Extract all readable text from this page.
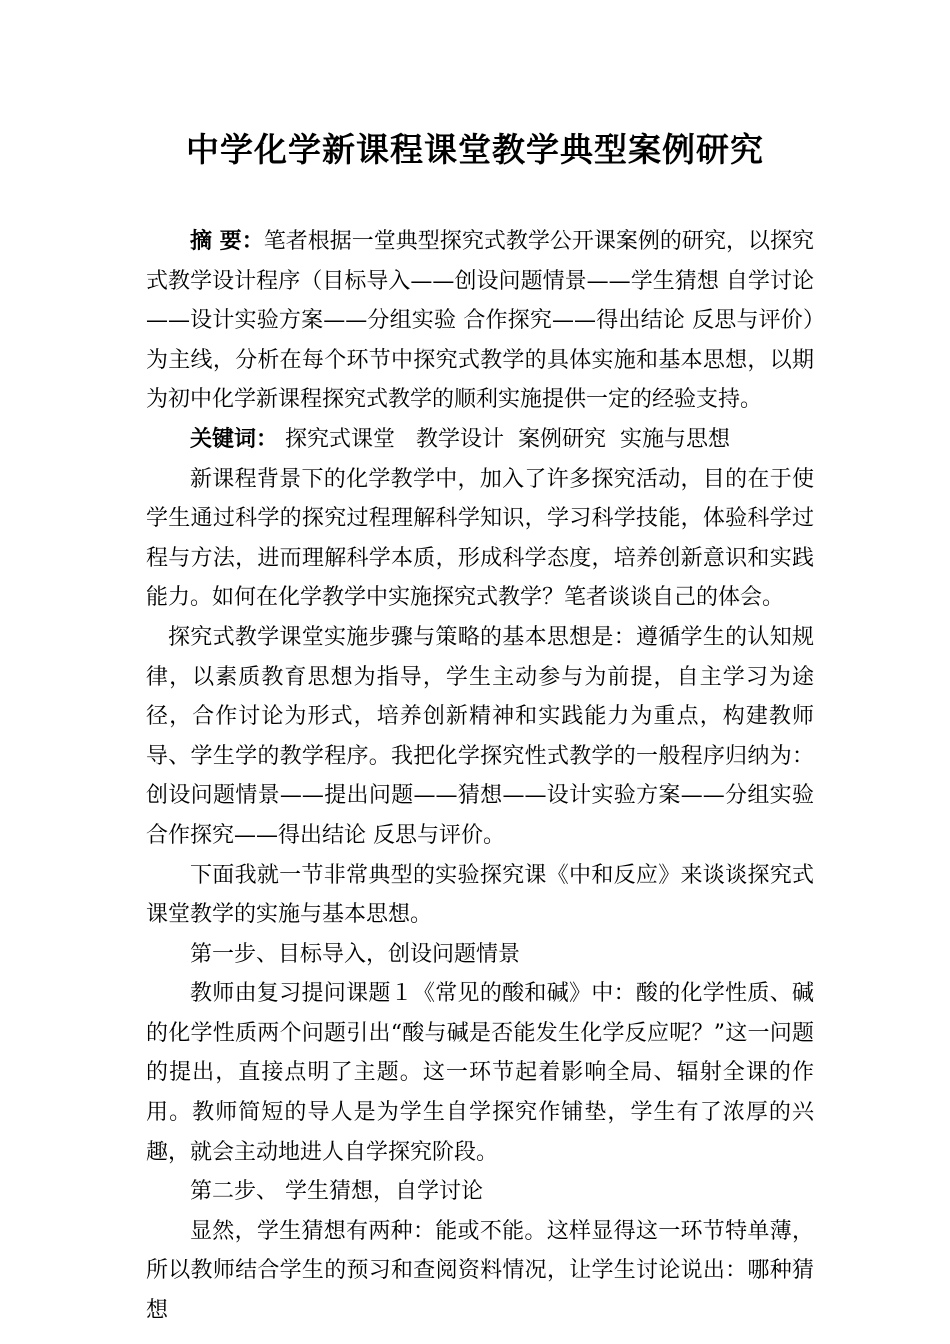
中学化学新课程课堂教学典型案例研究

摘 要：笔者根据一堂典型探究式教学公开课案例的研究，以探究式教学设计程序（目标导入——创设问题情景——学生猜想 自学讨论——设计实验方案——分组实验 合作探究——得出结论 反思与评价）为主线，分析在每个环节中探究式教学的具体实施和基本思想，以期为初中化学新课程探究式教学的顺利实施提供一定的经验支持。

关键词： 探究式课堂   教学设计  案例研究  实施与思想

新课程背景下的化学教学中，加入了许多探究活动，目的在于使学生通过科学的探究过程理解科学知识，学习科学技能，体验科学过程与方法，进而理解科学本质，形成科学态度，培养创新意识和实践能力。如何在化学教学中实施探究式教学？笔者谈谈自己的体会。

探究式教学课堂实施步骤与策略的基本思想是：遵循学生的认知规律，以素质教育思想为指导，学生主动参与为前提，自主学习为途径，合作讨论为形式，培养创新精神和实践能力为重点，构建教师导、学生学的教学程序。我把化学探究性式教学的一般程序归纳为：创设问题情景——提出问题——猜想——设计实验方案——分组实验 合作探究——得出结论 反思与评价。

下面我就一节非常典型的实验探究课《中和反应》来谈谈探究式课堂教学的实施与基本思想。

第一步、目标导入，创设问题情景

教师由复习提问课题１《常见的酸和碱》中：酸的化学性质、碱的化学性质两个问题引出“酸与碱是否能发生化学反应呢？”这一问题的提出，直接点明了主题。这一环节起着影响全局、辐射全课的作用。教师简短的导人是为学生自学探究作铺垫，学生有了浓厚的兴趣，就会主动地进人自学探究阶段。

第二步、 学生猜想，自学讨论

显然，学生猜想有两种：能或不能。这样显得这一环节特单薄，所以教师结合学生的预习和查阅资料情况，让学生讨论说出：哪种猜想
